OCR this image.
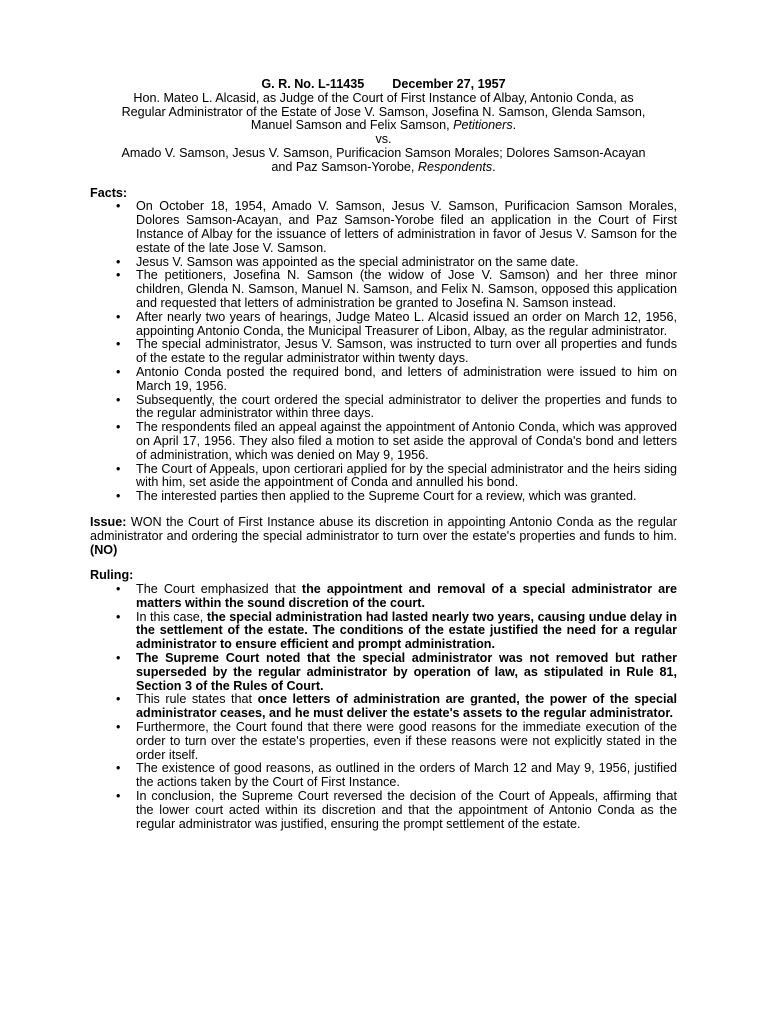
G. R. No. L-11435 December 27, 1957
Hon. Mateo L. Alcasid, as Judge of the Court of First Instance of Albay, Antonio Conda, as
Regular Administrator of the Estate of Jose V. Samson, Josefina N. Samson, Glenda Samson,
Manuel Samson and Felix Samson, Petitioners.
vs.
Amado V. Samson, Jesus V. Samson, Purificacion Samson Morales; Dolores Samson-Acayan
and Paz Samson-Yorobe, Respondents.
Facts:
• On October 18, 1954, Amado V. Samson, Jesus V. Samson, Purificacion Samson Morales, Dolores Samson-Acayan, and Paz Samson-Yorobe filed an application in the Court of First Instance of Albay for the issuance of letters of administration in favor of Jesus V. Samson for the estate of the late Jose V. Samson.
• Jesus V. Samson was appointed as the special administrator on the same date.
• The petitioners, Josefina N. Samson (the widow of Jose V. Samson) and her three minor children, Glenda N. Samson, Manuel N. Samson, and Felix N. Samson, opposed this application and requested that letters of administration be granted to Josefina N. Samson instead.
• After nearly two years of hearings, Judge Mateo L. Alcasid issued an order on March 12, 1956, appointing Antonio Conda, the Municipal Treasurer of Libon, Albay, as the regular administrator.
• The special administrator, Jesus V. Samson, was instructed to turn over all properties and funds of the estate to the regular administrator within twenty days.
• Antonio Conda posted the required bond, and letters of administration were issued to him on March 19, 1956.
• Subsequently, the court ordered the special administrator to deliver the properties and funds to the regular administrator within three days.
• The respondents filed an appeal against the appointment of Antonio Conda, which was approved on April 17, 1956. They also filed a motion to set aside the approval of Conda's bond and letters of administration, which was denied on May 9, 1956.
• The Court of Appeals, upon certiorari applied for by the special administrator and the heirs siding with him, set aside the appointment of Conda and annulled his bond.
• The interested parties then applied to the Supreme Court for a review, which was granted.
Issue: WON the Court of First Instance abuse its discretion in appointing Antonio Conda as the regular administrator and ordering the special administrator to turn over the estate's properties and funds to him. (NO)
Ruling:
• The Court emphasized that the appointment and removal of a special administrator are matters within the sound discretion of the court.
• In this case, the special administration had lasted nearly two years, causing undue delay in the settlement of the estate. The conditions of the estate justified the need for a regular administrator to ensure efficient and prompt administration.
• The Supreme Court noted that the special administrator was not removed but rather superseded by the regular administrator by operation of law, as stipulated in Rule 81, Section 3 of the Rules of Court.
• This rule states that once letters of administration are granted, the power of the special administrator ceases, and he must deliver the estate's assets to the regular administrator.
• Furthermore, the Court found that there were good reasons for the immediate execution of the order to turn over the estate's properties, even if these reasons were not explicitly stated in the order itself.
• The existence of good reasons, as outlined in the orders of March 12 and May 9, 1956, justified the actions taken by the Court of First Instance.
• In conclusion, the Supreme Court reversed the decision of the Court of Appeals, affirming that the lower court acted within its discretion and that the appointment of Antonio Conda as the regular administrator was justified, ensuring the prompt settlement of the estate.
